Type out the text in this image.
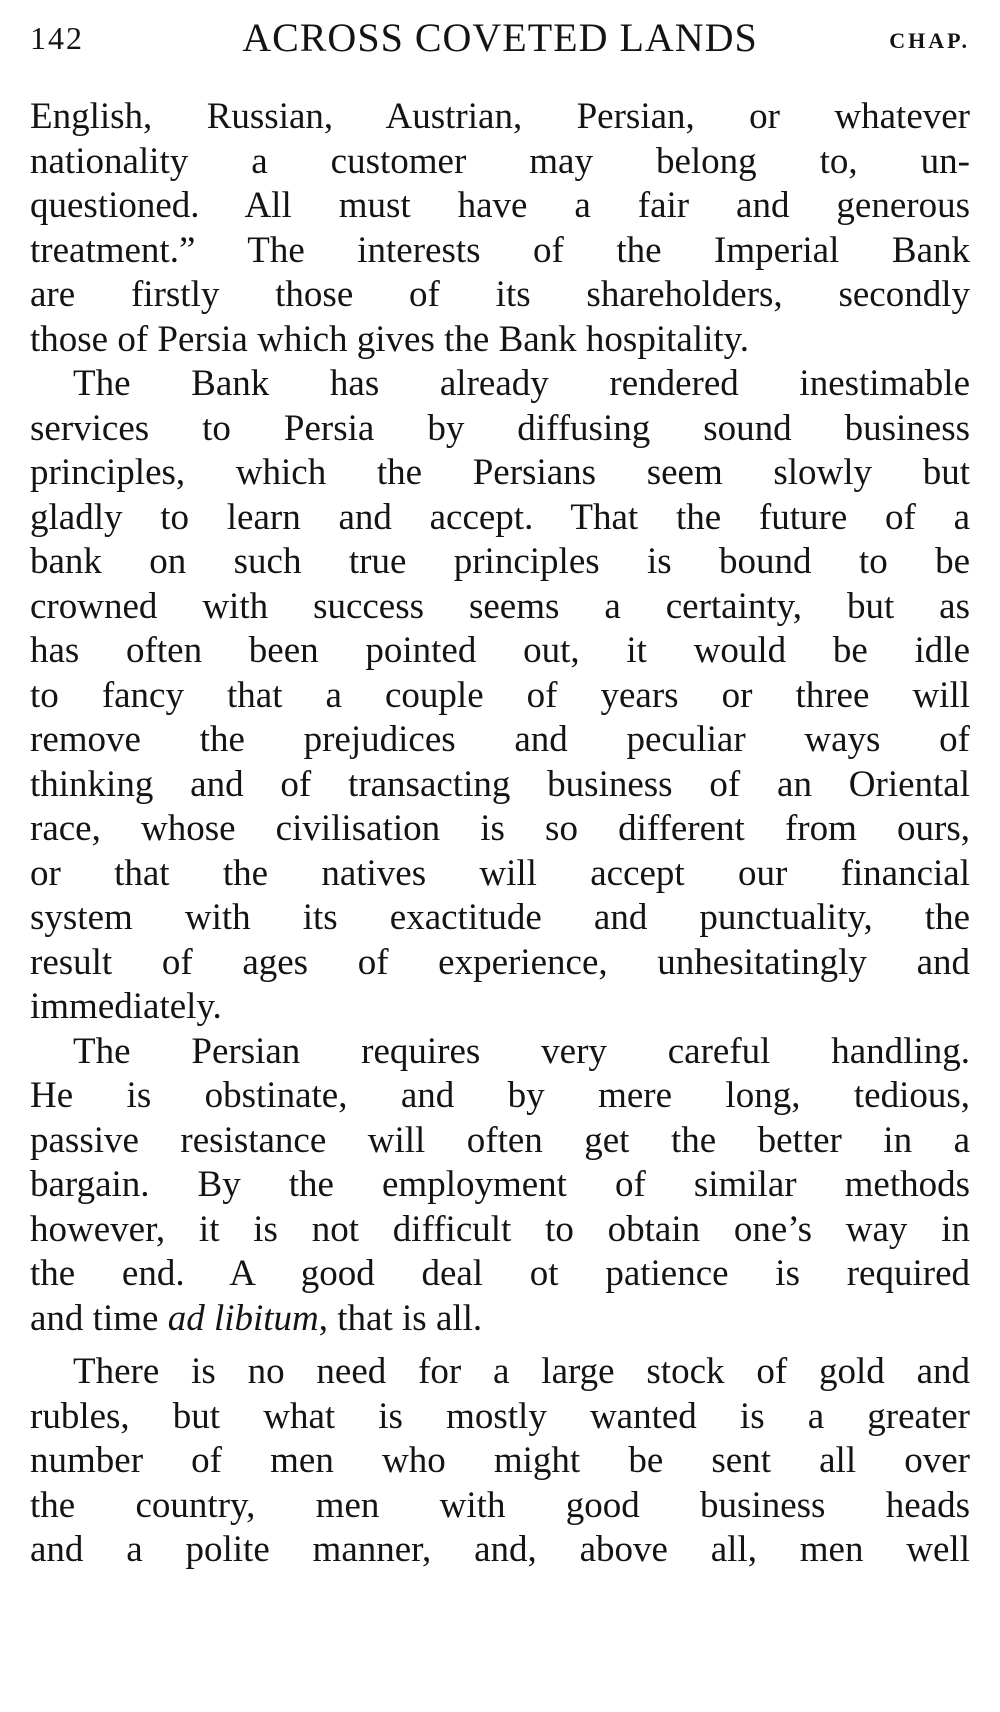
142	ACROSS COVETED LANDS	CHAP.
English, Russian, Austrian, Persian, or whatever
nationality a customer may belong to, un-
questioned. All must have a fair and generous
treatment.” The interests of the Imperial Bank
are firstly those of its shareholders, secondly
those of Persia which gives the Bank hospitality.
The Bank has already rendered inestimable
services to Persia by diffusing sound business
principles, which the Persians seem slowly but
gladly to learn and accept. That the future of a
bank on such true principles is bound to be
crowned with success seems a certainty, but as
has often been pointed out, it would be idle
to fancy that a couple of years or three will
remove the prejudices and peculiar ways of
thinking and of transacting business of an Oriental
race, whose civilisation is so different from ours,
or that the natives will accept our financial
system with its exactitude and punctuality, the
result of ages of experience, unhesitatingly and
immediately.
The Persian requires very careful handling.
He is obstinate, and by mere long, tedious,
passive resistance will often get the better in a
bargain. By the employment of similar methods
however, it is not difficult to obtain one’s way in
the end. A good deal ot patience is required
and time ad libitum, that is all.
There is no need for a large stock of gold and
rubles, but what is mostly wanted is a greater
number of men who might be sent all over
the country, men with good business heads
and a polite manner, and, above all, men well
